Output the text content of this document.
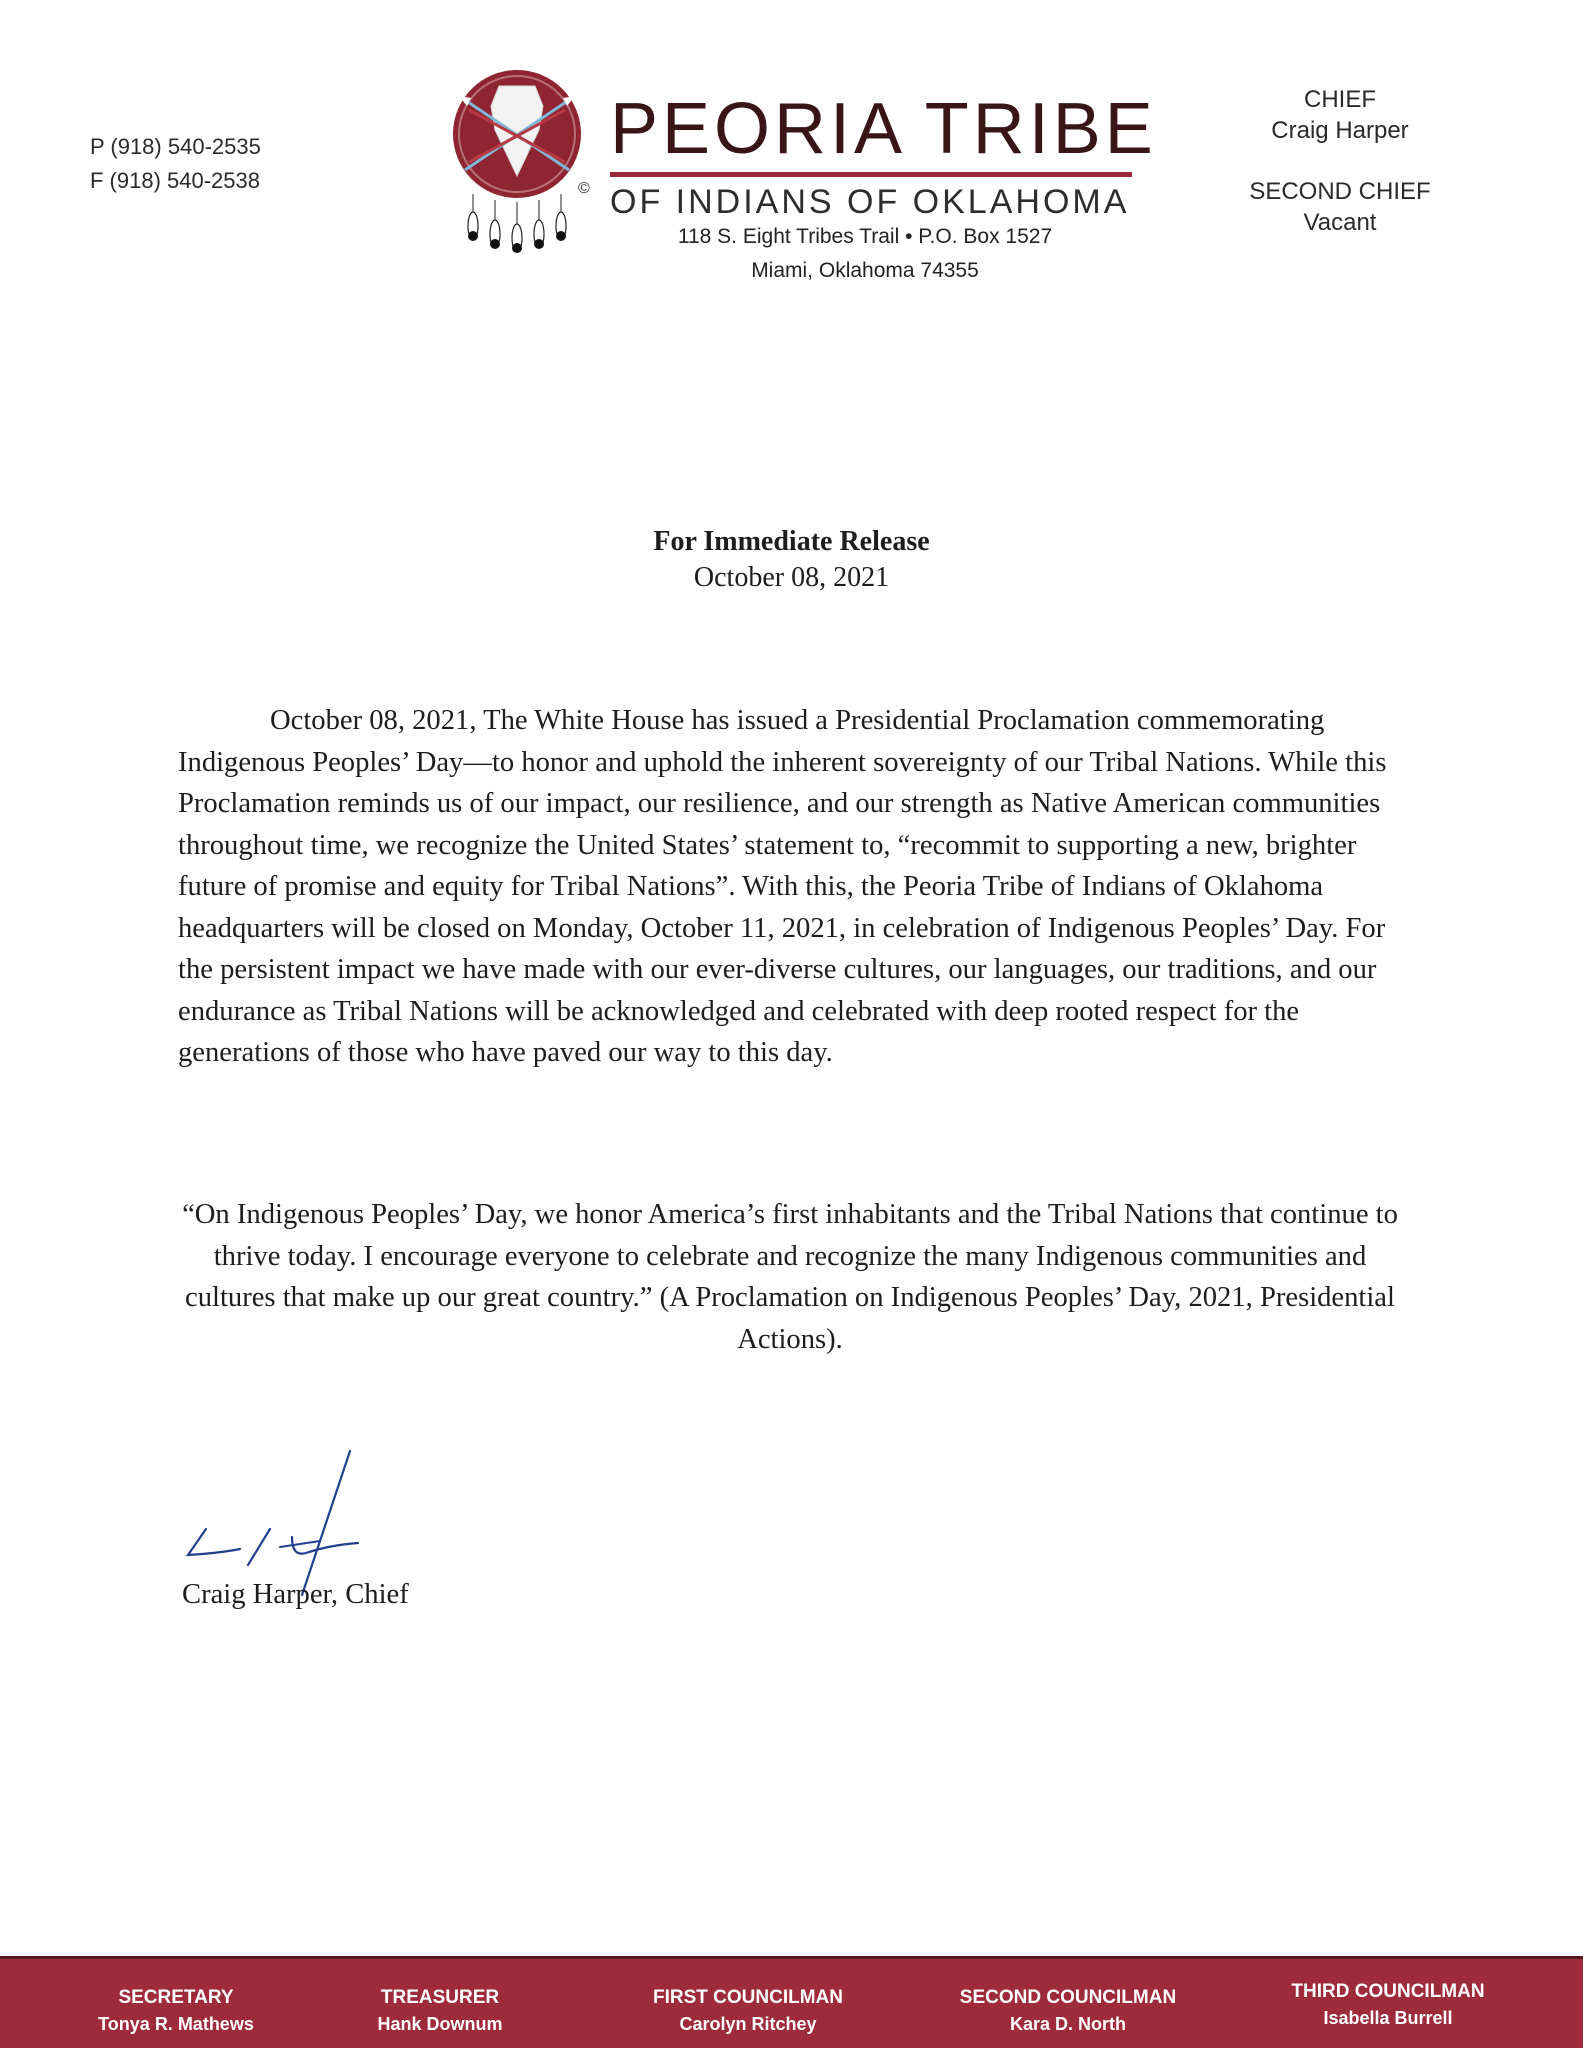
P (918) 540-2535
F (918) 540-2538	©
PEORIA TRIBE
OF INDIANS OF OKLAHOMA
118 S. Eight Tribes Trail • P.O. Box 1527
Miami, Oklahoma 74355
CHIEF
Craig Harper
SECOND CHIEF
Vacant
For Immediate Release
October 08, 2021

October 08, 2021, The White House has issued a Presidential Proclamation commemorating Indigenous Peoples’ Day—to honor and uphold the inherent sovereignty of our Tribal Nations. While this Proclamation reminds us of our impact, our resilience, and our strength as Native American communities throughout time, we recognize the United States’ statement to, “recommit to supporting a new, brighter future of promise and equity for Tribal Nations”. With this, the Peoria Tribe of Indians of Oklahoma headquarters will be closed on Monday, October 11, 2021, in celebration of Indigenous Peoples’ Day. For the persistent impact we have made with our ever-diverse cultures, our languages, our traditions, and our endurance as Tribal Nations will be acknowledged and celebrated with deep rooted respect for the generations of those who have paved our way to this day.

“On Indigenous Peoples’ Day, we honor America’s first inhabitants and the Tribal Nations that continue to thrive today. I encourage everyone to celebrate and recognize the many Indigenous communities and cultures that make up our great country.” (A Proclamation on Indigenous Peoples’ Day, 2021, Presidential Actions).

Craig Harper, Chief
SECRETARY
Tonya R. Mathews
TREASURER
Hank Downum
FIRST COUNCILMAN
Carolyn Ritchey
SECOND COUNCILMAN
Kara D. North
THIRD COUNCILMAN
Isabella Burrell
